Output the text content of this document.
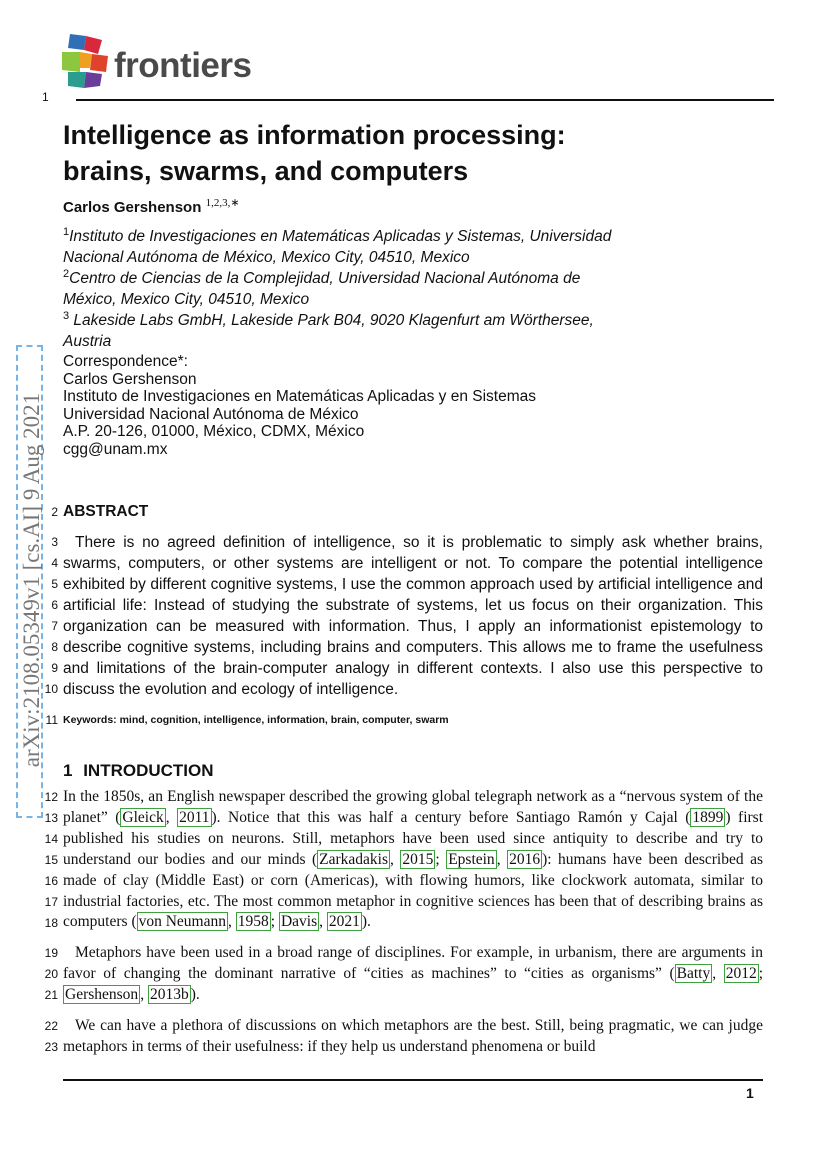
frontiers
1
arXiv:2108.05349v1 [cs.AI] 9 Aug 2021
Intelligence as information processing:
brains, swarms, and computers
Carlos Gershenson $^{1,2,3,∗}$
$^1$Instituto de Investigaciones en Matemáticas Aplicadas y Sistemas, Universidad
Nacional Autónoma de México, Mexico City, 04510, Mexico
$^2$Centro de Ciencias de la Complejidad, Universidad Nacional Autónoma de
México, Mexico City, 04510, Mexico
$^3$ Lakeside Labs GmbH, Lakeside Park B04, 9020 Klagenfurt am Wörthersee,
Austria
Correspondence*:
Carlos Gershenson
Instituto de Investigaciones en Matemáticas Aplicadas y en Sistemas
Universidad Nacional Autónoma de México
A.P. 20-126, 01000, México, CDMX, México
cgg@unam.mx
2
3
4
5
6
7
8
9
10
11
12
13
14
15
16
17
18
19
20
21
22
23
ABSTRACT
There is no agreed definition of intelligence, so it is problematic to simply ask whether brains, swarms, computers, or other systems are intelligent or not. To compare the potential intelligence exhibited by different cognitive systems, I use the common approach used by artificial intelligence and artificial life: Instead of studying the substrate of systems, let us focus on their organization. This organization can be measured with information. Thus, I apply an informationist epistemology to describe cognitive systems, including brains and computers. This allows me to frame the usefulness and limitations of the brain-computer analogy in different contexts. I also use this perspective to discuss the evolution and ecology of intelligence.
Keywords: mind, cognition, intelligence, information, brain, computer, swarm
1 INTRODUCTION
In the 1850s, an English newspaper described the growing global telegraph network as a “nervous system of the planet” ( Gleick , 2011 ). Notice that this was half a century before Santiago Ramón y Cajal ( 1899 ) first published his studies on neurons. Still, metaphors have been used since antiquity to describe and try to understand our bodies and our minds ( Zarkadakis , 2015 ; Epstein , 2016 ): humans have been described as made of clay (Middle East) or corn (Americas), with flowing humors, like clockwork automata, similar to industrial factories, etc. The most common metaphor in cognitive sciences has been that of describing brains as computers ( von Neumann , 1958 ; Davis , 2021 ).
Metaphors have been used in a broad range of disciplines. For example, in urbanism, there are arguments in favor of changing the dominant narrative of “cities as machines” to “cities as organisms” ( Batty , 2012 ; Gershenson , 2013b ).
We can have a plethora of discussions on which metaphors are the best. Still, being pragmatic, we can judge metaphors in terms of their usefulness: if they help us understand phenomena or build
1
